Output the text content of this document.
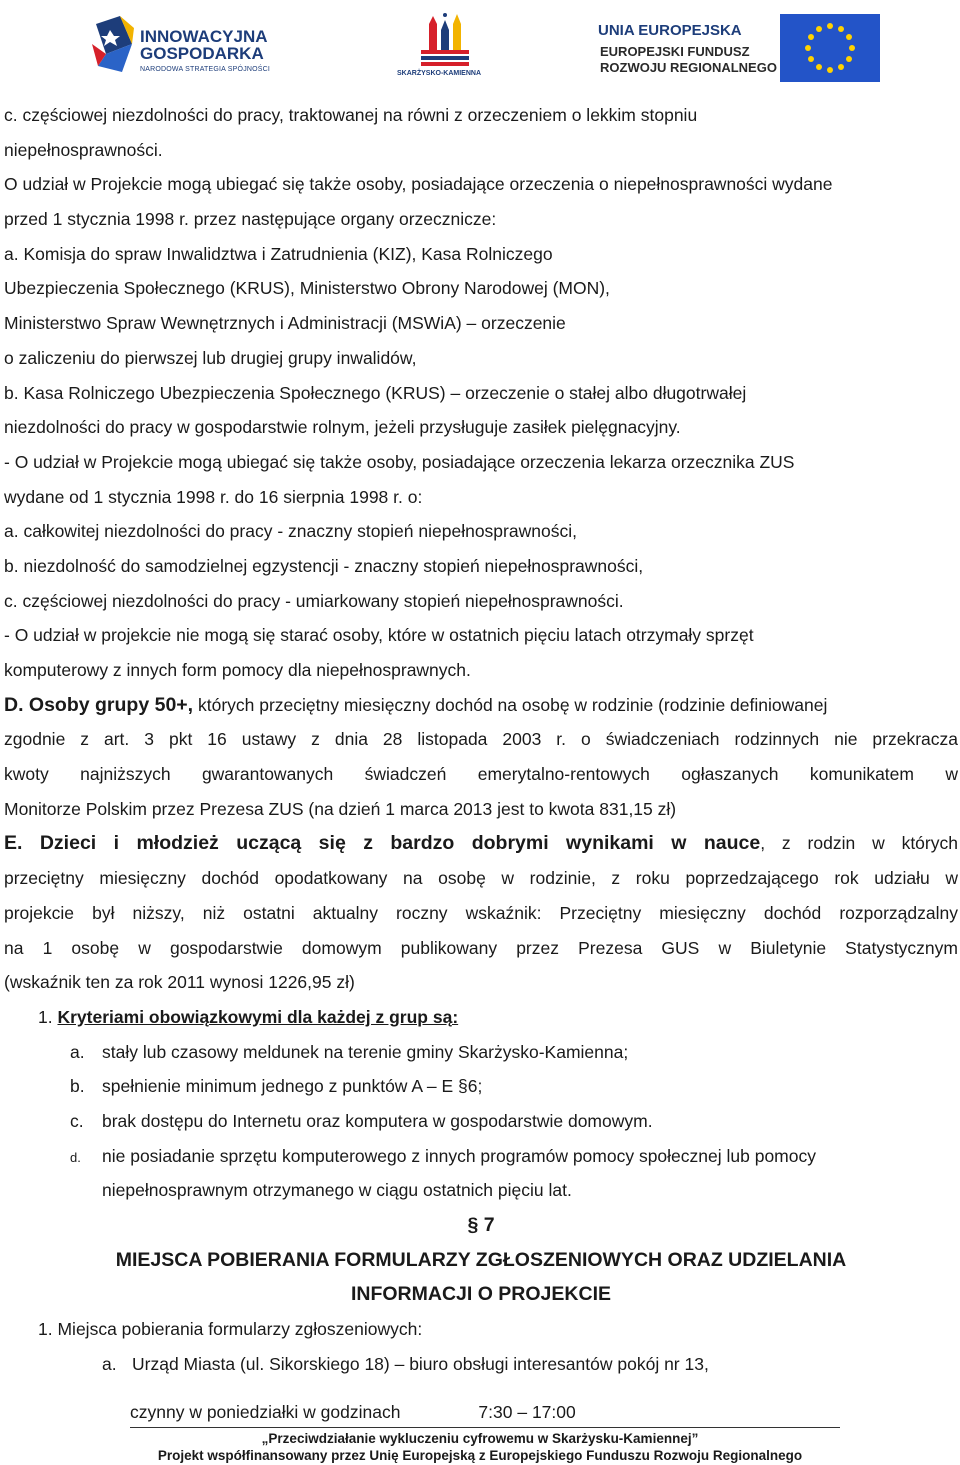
INNOWACYJNA
GOSPODARKA
NARODOWA STRATEGIA SPÓJNOŚCI
SKARŻYSKO-KAMIENNA
UNIA EUROPEJSKA
EUROPEJSKI FUNDUSZ
ROZWOJU REGIONALNEGO
c. częściowej niezdolności do pracy, traktowanej na równi z orzeczeniem o lekkim stopniu
niepełnosprawności.
O udział w Projekcie mogą ubiegać się także osoby, posiadające orzeczenia o niepełnosprawności wydane
przed 1 stycznia 1998 r. przez następujące organy orzecznicze:
a. Komisja do spraw Inwalidztwa i Zatrudnienia (KIZ), Kasa Rolniczego
Ubezpieczenia Społecznego (KRUS), Ministerstwo Obrony Narodowej (MON),
Ministerstwo Spraw Wewnętrznych i Administracji (MSWiA) – orzeczenie
o zaliczeniu do pierwszej lub drugiej grupy inwalidów,
b. Kasa Rolniczego Ubezpieczenia Społecznego (KRUS) – orzeczenie o stałej albo długotrwałej
niezdolności do pracy w gospodarstwie rolnym, jeżeli przysługuje zasiłek pielęgnacyjny.
- O udział w Projekcie mogą ubiegać się także osoby, posiadające orzeczenia lekarza orzecznika ZUS
wydane od 1 stycznia 1998 r. do 16 sierpnia 1998 r. o:
a. całkowitej niezdolności do pracy - znaczny stopień niepełnosprawności,
b. niezdolność do samodzielnej egzystencji - znaczny stopień niepełnosprawności,
c. częściowej niezdolności do pracy - umiarkowany stopień niepełnosprawności.
- O udział w projekcie nie mogą się starać osoby, które w ostatnich pięciu latach otrzymały sprzęt
komputerowy z innych form pomocy dla niepełnosprawnych.
D. Osoby grupy 50+, których przeciętny miesięczny dochód na osobę w rodzinie (rodzinie definiowanej
zgodnie z art. 3 pkt 16 ustawy z dnia 28 listopada 2003 r. o świadczeniach rodzinnych nie przekracza
kwoty najniższych gwarantowanych świadczeń emerytalno-rentowych ogłaszanych komunikatem w
Monitorze Polskim przez Prezesa ZUS (na dzień 1 marca 2013 jest to kwota 831,15 zł)
E. Dzieci i młodzież uczącą się z bardzo dobrymi wynikami w nauce, z rodzin w których
przeciętny miesięczny dochód opodatkowany na osobę w rodzinie, z roku poprzedzającego rok udziału w
projekcie był niższy, niż ostatni aktualny roczny wskaźnik: Przeciętny miesięczny dochód rozporządzalny
na 1 osobę w gospodarstwie domowym publikowany przez Prezesa GUS w Biuletynie Statystycznym
(wskaźnik ten za rok 2011 wynosi 1226,95 zł)
1. Kryteriami obowiązkowymi dla każdej z grup są:
a. stały lub czasowy meldunek na terenie gminy Skarżysko-Kamienna;
b. spełnienie minimum jednego z punktów A – E §6;
c. brak dostępu do Internetu oraz komputera w gospodarstwie domowym.
d. nie posiadanie sprzętu komputerowego z innych programów pomocy społecznej lub pomocy
niepełnosprawnym otrzymanego w ciągu ostatnich pięciu lat.
§ 7
MIEJSCA POBIERANIA FORMULARZY ZGŁOSZENIOWYCH ORAZ UDZIELANIA
INFORMACJI O PROJEKCIE
1. Miejsca pobierania formularzy zgłoszeniowych:
a. Urząd Miasta (ul. Sikorskiego 18) – biuro obsługi interesantów pokój nr 13,
czynny w poniedziałki w godzinach	7:30 – 17:00
„Przeciwdziałanie wykluczeniu cyfrowemu w Skarżysku-Kamiennej”
Projekt współfinansowany przez Unię Europejską z Europejskiego Funduszu Rozwoju Regionalnego
